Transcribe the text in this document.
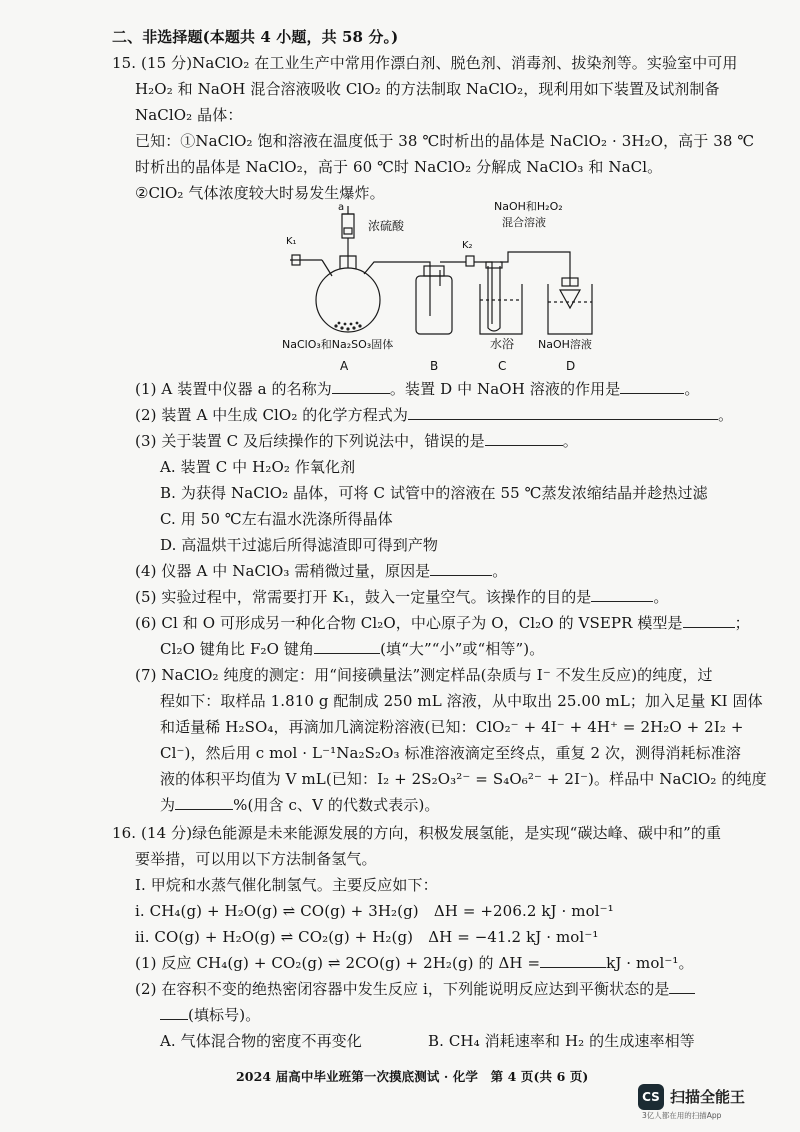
二、非选择题(本题共 4 小题，共 58 分。)
15. (15 分)NaClO₂ 在工业生产中常用作漂白剂、脱色剂、消毒剂、拔染剂等。实验室中可用
H₂O₂ 和 NaOH 混合溶液吸收 ClO₂ 的方法制取 NaClO₂，现利用如下装置及试剂制备
NaClO₂ 晶体：
已知：①NaClO₂ 饱和溶液在温度低于 38 ℃时析出的晶体是 NaClO₂ · 3H₂O，高于 38 ℃
时析出的晶体是 NaClO₂，高于 60 ℃时 NaClO₂ 分解成 NaClO₃ 和 NaCl。
②ClO₂ 气体浓度较大时易发生爆炸。
a
K₁	K₂
浓硫酸
NaOH和H₂O₂
混合溶液
NaClO₃和Na₂SO₃固体	水浴 NaOH溶液
A	B	C	D
(1) A 装置中仪器 a 的名称为	。装置 D 中 NaOH 溶液的作用是	。
(2) 装置 A 中生成 ClO₂ 的化学方程式为	。
(3) 关于装置 C 及后续操作的下列说法中，错误的是	。
A. 装置 C 中 H₂O₂ 作氧化剂
B. 为获得 NaClO₂ 晶体，可将 C 试管中的溶液在 55 ℃蒸发浓缩结晶并趁热过滤
C. 用 50 ℃左右温水洗涤所得晶体
D. 高温烘干过滤后所得滤渣即可得到产物
(4) 仪器 A 中 NaClO₃ 需稍微过量，原因是	。
(5) 实验过程中，常需要打开 K₁，鼓入一定量空气。该操作的目的是	。
(6) Cl 和 O 可形成另一种化合物 Cl₂O，中心原子为 O，Cl₂O 的 VSEPR 模型是	；
Cl₂O 键角比 F₂O 键角	(填“大”“小”或“相等”)。
(7) NaClO₂ 纯度的测定：用“间接碘量法”测定样品(杂质与 I⁻ 不发生反应)的纯度，过
程如下：取样品 1.810 g 配制成 250 mL 溶液，从中取出 25.00 mL；加入足量 KI 固体
和适量稀 H₂SO₄，再滴加几滴淀粉溶液(已知：ClO₂⁻ + 4I⁻ + 4H⁺ = 2H₂O + 2I₂ +
Cl⁻)，然后用 c mol · L⁻¹Na₂S₂O₃ 标准溶液滴定至终点，重复 2 次，测得消耗标准溶
液的体积平均值为 V mL(已知：I₂ + 2S₂O₃²⁻ = S₄O₆²⁻ + 2I⁻)。样品中 NaClO₂ 的纯度
为	%(用含 c、V 的代数式表示)。
16. (14 分)绿色能源是未来能源发展的方向，积极发展氢能，是实现“碳达峰、碳中和”的重
要举措，可以用以下方法制备氢气。
Ⅰ. 甲烷和水蒸气催化制氢气。主要反应如下：
ⅰ. CH₄(g) + H₂O(g) ⇌ CO(g) + 3H₂(g)　ΔH = +206.2 kJ · mol⁻¹
ⅱ. CO(g) + H₂O(g) ⇌ CO₂(g) + H₂(g)　ΔH = −41.2 kJ · mol⁻¹
(1) 反应 CH₄(g) + CO₂(g) ⇌ 2CO(g) + 2H₂(g) 的 ΔH =	kJ · mol⁻¹。
(2) 在容积不变的绝热密闭容器中发生反应 ⅰ，下列能说明反应达到平衡状态的是
(填标号)。
A. 气体混合物的密度不再变化	B. CH₄ 消耗速率和 H₂ 的生成速率相等
2024 届高中毕业班第一次摸底测试 · 化学　第 4 页(共 6 页)
CS 扫描全能王
3亿人都在用的扫描App
